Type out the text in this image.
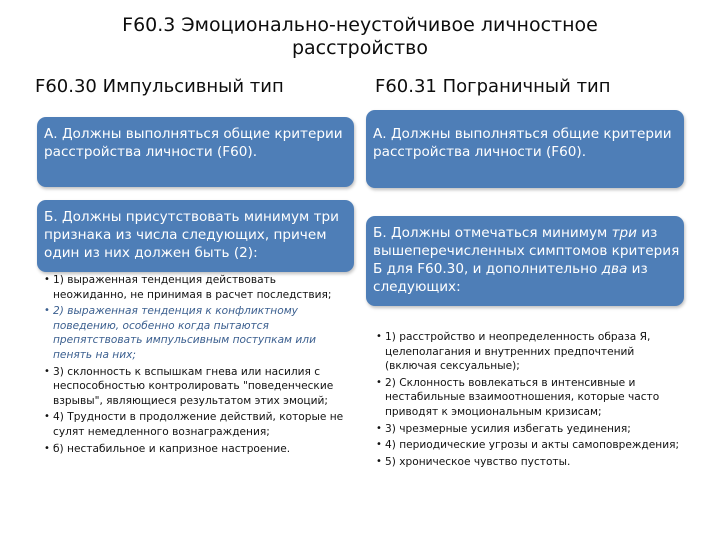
F60.3 Эмоционально-неустойчивое личностное расстройство
F60.30 Импульсивный тип	F60.31 Пограничный тип
А. Должны выполняться общие критерии расстройства личности (F60).
Б. Должны присутствовать минимум три признака из числа следующих, причем один из них должен быть (2):
• 1) выраженная тенденция действовать неожиданно, не принимая в расчет последствия;
• 2) выраженная тенденция к конфликтному поведению, особенно когда пытаются препятствовать импульсивным поступкам или пенять на них;
• 3) склонность к вспышкам гнева или насилия с неспособностью контролировать "поведенческие взрывы", являющиеся результатом этих эмоций;
• 4) Трудности в продолжение действий, которые не сулят немедленного вознаграждения;
• б) нестабильное и капризное настроение.
А. Должны выполняться общие критерии расстройства личности (F60).
Б. Должны отмечаться минимум три из вышеперечисленных симптомов критерия Б для F60.30, и дополнительно два из следующих:
• 1) расстройство и неопределенность образа Я, целеполагания и внутренних предпочтений (включая сексуальные);
• 2) Склонность вовлекаться в интенсивные и нестабильные взаимоотношения, которые часто приводят к эмоциональным кризисам;
• 3) чрезмерные усилия избегать уединения;
• 4) периодические угрозы и акты самоповреждения;
• 5) хроническое чувство пустоты.
